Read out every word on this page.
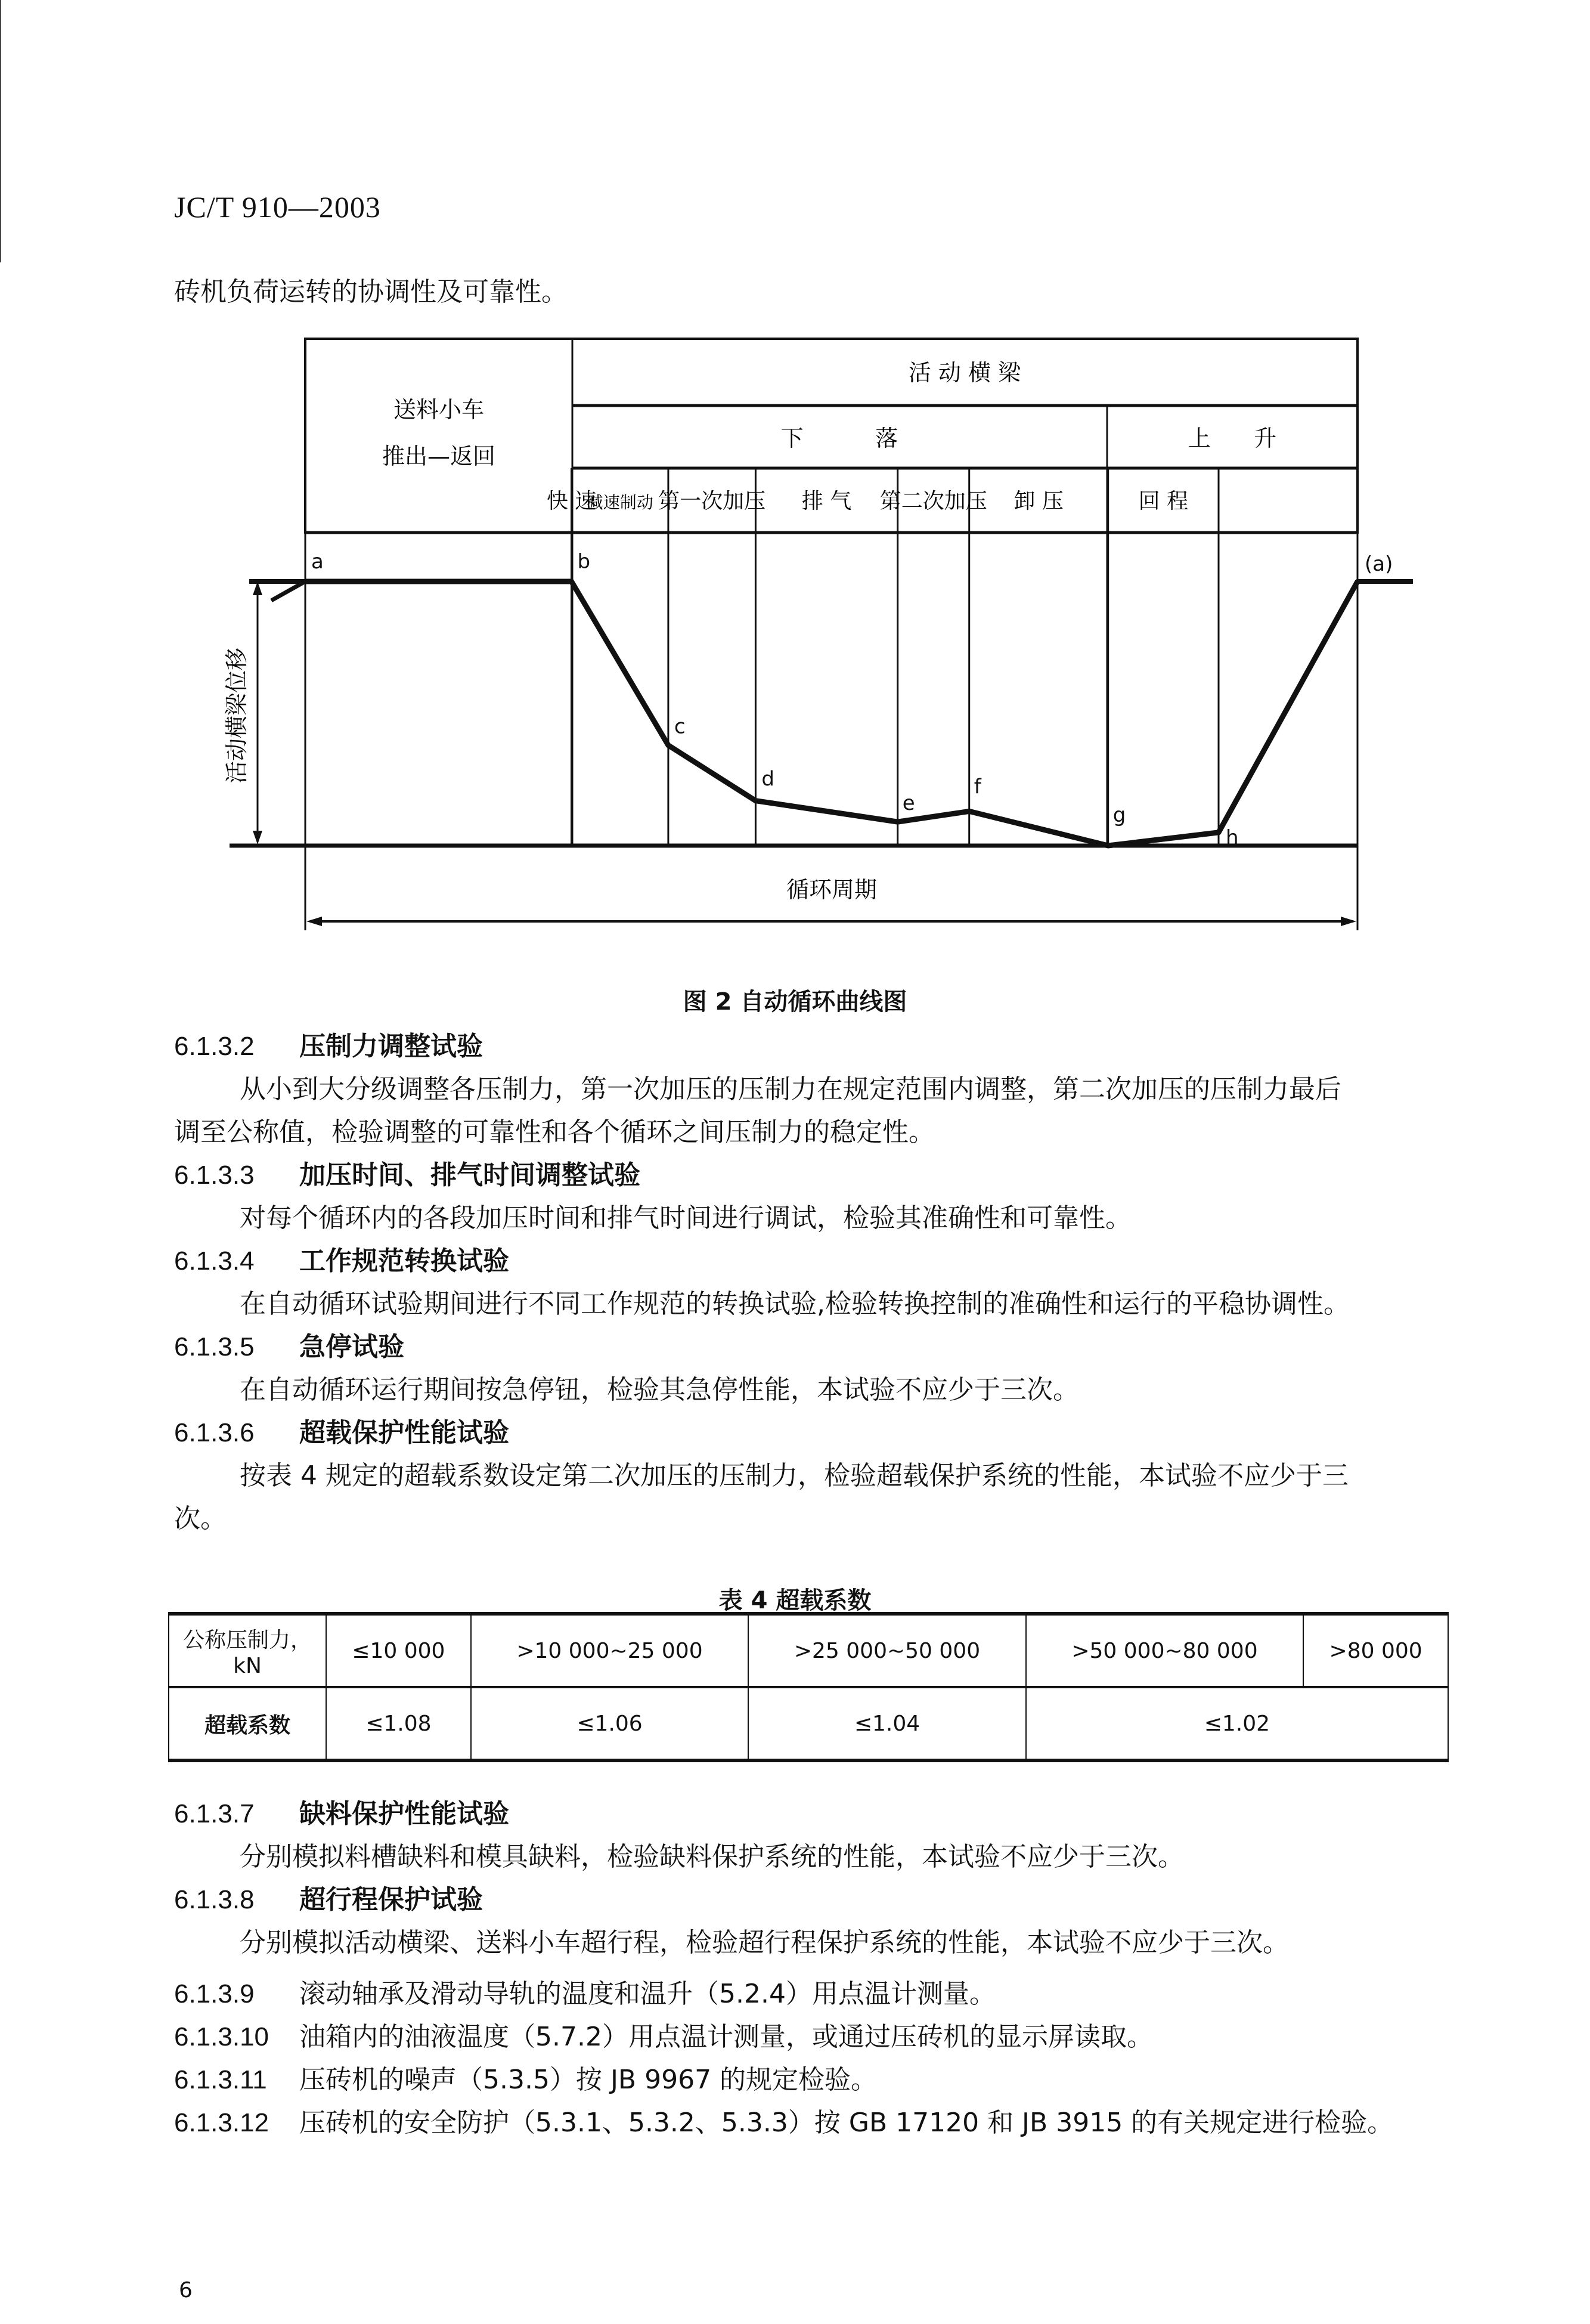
JC/T 910—2003
砖机负荷运转的协调性及可靠性。
a	b
c
d
e
f
g
h
(a)
送料小车
推出—返回
活 动 横 梁
下          落	上      升
快 速
减速制动 第一次加压 排 气 第二次加压 卸 压	回 程
活动横梁位移
循环周期
图 2 自动循环曲线图
6.1.3.2 压制力调整试验
从小到大分级调整各压制力，第一次加压的压制力在规定范围内调整，第二次加压的压制力最后
调至公称值，检验调整的可靠性和各个循环之间压制力的稳定性。
6.1.3.3 加压时间、排气时间调整试验
对每个循环内的各段加压时间和排气时间进行调试，检验其准确性和可靠性。
6.1.3.4 工作规范转换试验
在自动循环试验期间进行不同工作规范的转换试验,检验转换控制的准确性和运行的平稳协调性。
6.1.3.5 急停试验
在自动循环运行期间按急停钮，检验其急停性能，本试验不应少于三次。
6.1.3.6 超载保护性能试验
按表 4 规定的超载系数设定第二次加压的压制力，检验超载保护系统的性能，本试验不应少于三
次。
表 4 超载系数
公称压制力，kN	≤10 000	>10 000~25 000	>25 000~50 000	>50 000~80 000	>80 000
超载系数	≤1.08	≤1.06	≤1.04	≤1.02	
6.1.3.7 缺料保护性能试验
分别模拟料槽缺料和模具缺料，检验缺料保护系统的性能，本试验不应少于三次。
6.1.3.8 超行程保护试验
分别模拟活动横梁、送料小车超行程，检验超行程保护系统的性能，本试验不应少于三次。
6.1.3.9 滚动轴承及滑动导轨的温度和温升（5.2.4）用点温计测量。
6.1.3.10 油箱内的油液温度（5.7.2）用点温计测量，或通过压砖机的显示屏读取。
6.1.3.11 压砖机的噪声（5.3.5）按 JB 9967 的规定检验。
6.1.3.12 压砖机的安全防护（5.3.1、5.3.2、5.3.3）按 GB 17120 和 JB 3915 的有关规定进行检验。
6
